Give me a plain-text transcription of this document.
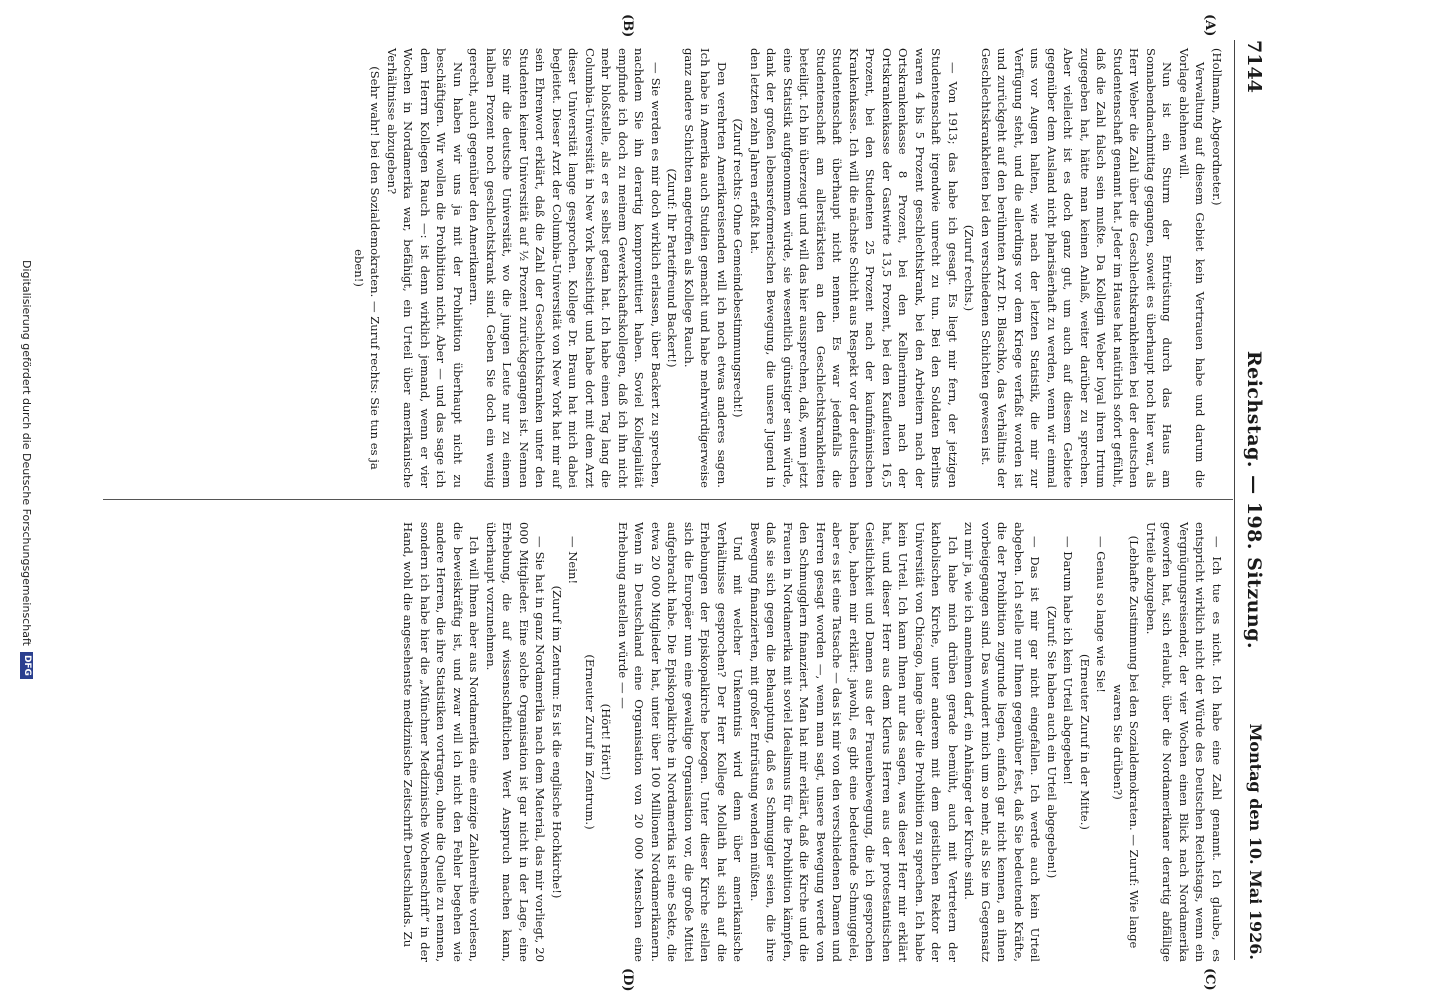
7144
Reichstag. — 198. Sitzung.
Montag den 10. Mai 1926.
(A)
(B)
(C)
(D)

(Hollmann, Abgeordneter.)

Verwaltung auf diesem Gebiet kein Vertrauen habe und darum die Vorlage ablehnen will.

Nun ist ein Sturm der Entrüstung durch das Haus am Sonnabendnachmittag gegangen, soweit es überhaupt noch hier war, als Herr Weber die Zahl über die Geschlechtskrankheiten bei der deutschen Studentenschaft genannt hat. Jeder im Hause hat natürlich sofort gefühlt, daß die Zahl falsch sein mußte. Da Kollegin Weber loyal ihren Irrtum zugegeben hat, hätte man keinen Anlaß, weiter darüber zu sprechen. Aber vielleicht ist es doch ganz gut, um auch auf diesem Gebiete gegenüber dem Ausland nicht pharisäerhaft zu werden, wenn wir einmal uns vor Augen halten, wie nach der letzten Statistik, die mir zur Verfügung steht, und die allerdings vor dem Kriege verfaßt worden ist und zurückgeht auf den berühmten Arzt Dr. Blaschko, das Verhältnis der Geschlechtskrankheiten bei den verschiedenen Schichten gewesen ist.

(Zuruf rechts.)

— Von 1913; das habe ich gesagt. Es liegt mir fern, der jetzigen Studentenschaft irgendwie unrecht zu tun. Bei den Soldaten Berlins waren 4 bis 5 Prozent geschlechtskrank, bei den Arbeitern nach der Ortskrankenkasse 8 Prozent, bei den Kellnerinnen nach der Ortskrankenkasse der Gastwirte 13,5 Prozent, bei den Kaufleuten 16,5 Prozent, bei den Studenten 25 Prozent nach der kaufmännischen Krankenkasse. Ich will die nächste Schicht aus Respekt vor der deutschen Studentenschaft überhaupt nicht nennen. Es war jedenfalls die Studentenschaft am allerstärksten an den Geschlechtskrankheiten beteiligt. Ich bin überzeugt und will das hier aussprechen, daß, wenn jetzt eine Statistik aufgenommen würde, sie wesentlich günstiger sein würde, dank der großen lebensreformerischen Bewegung, die unsere Jugend in den letzten zehn Jahren erfaßt hat.

(Zuruf rechts: Ohne Gemeindebestimmungsrecht!)

Den verehrten Amerikareisenden will ich noch etwas anderes sagen. Ich habe in Amerika auch Studien gemacht und habe mehrwürdigerweise ganz andere Schichten angetroffen als Kollege Rauch.

(Zuruf: Ihr Parteifreund Backert!)

— Sie werden es mir doch wirklich erlassen, über Backert zu sprechen, nachdem Sie ihn derartig kompromittiert haben. Soviel Kollegialität empfinde ich doch zu meinem Gewerkschaftskollegen, daß ich ihn nicht mehr bloßstelle, als er es selbst getan hat. Ich habe einen Tag lang die Columbia-Universität in New York besichtigt und habe dort mit dem Arzt dieser Universität lange gesprochen. Kollege Dr. Braun hat mich dabei begleitet. Dieser Arzt der Columbia-Universität von New York hat mir auf sein Ehrenwort erklärt, daß die Zahl der Geschlechtskranken unter den Studenten keiner Universität auf ½ Prozent zurückgegangen ist. Nennen Sie mir die deutsche Universität, wo die jungen Leute nur zu einem halben Prozent noch geschlechtskrank sind. Geben Sie doch ein wenig gerecht, auch gegenüber den Amerikanern.

Nun haben wir uns ja mit der Prohibition überhaupt nicht zu beschäftigen. Wir wollen die Prohibition nicht. Aber — und das sage ich dem Herrn Kollegen Rauch —: ist denn wirklich jemand, wenn er vier Wochen in Nordamerika war, befähigt, ein Urteil über amerikanische Verhältnisse abzugeben?

(Sehr wahr! bei den Sozialdemokraten. — Zuruf rechts: Sie tun es ja eben!)

— Ich tue es nicht. Ich habe eine Zahl genannt. Ich glaube, es entspricht wirklich nicht der Würde des Deutschen Reichstags, wenn ein Vergnügungsreisender, der vier Wochen einen Blick nach Nordamerika geworfen hat, sich erlaubt, über die Nordamerikaner derartig abfällige Urteile abzugeben.

(Lebhafte Zustimmung bei den Sozialdemokraten. — Zuruf: Wie lange waren Sie drüben?)

— Genau so lange wie Sie!

(Erneuter Zuruf in der Mitte.)

— Darum habe ich kein Urteil abgegeben!

(Zuruf: Sie haben auch ein Urteil abgegeben!)

— Das ist mir gar nicht eingefallen. Ich werde auch kein Urteil abgeben. Ich stelle nur Ihnen gegenüber fest, daß Sie bedeutende Kräfte, die der Prohibition zugrunde liegen, einfach gar nicht kennen, an ihnen vorbeigegangen sind. Das wundert mich um so mehr, als Sie im Gegensatz zu mir ja, wie ich annehmen darf, ein Anhänger der Kirche sind.

Ich habe mich drüben gerade bemüht, auch mit Vertretern der katholischen Kirche, unter anderem mit dem geistlichen Rektor der Universität von Chicago, lange über die Prohibition zu sprechen. Ich habe kein Urteil. Ich kann Ihnen nur das sagen, was dieser Herr mir erklärt hat, und dieser Herr aus dem Klerus Herren aus der protestantischen Geistlichkeit und Damen aus der Frauenbewegung, die ich gesprochen habe, haben mir erklärt: jawohl, es gibt eine bedeutende Schmuggelei, aber es ist eine Tatsache — das ist mir von den verschiedenen Damen und Herren gesagt worden —, wenn man sagt, unsere Bewegung werde von den Schmugglern finanziert. Man hat mir erklärt, daß die Kirche und die Frauen in Nordamerika mit soviel Idealismus für die Prohibition kämpfen, daß sie sich gegen die Behauptung, daß es Schmuggler seien, die ihre Bewegung finanzierten, mit großer Entrüstung wenden müßten.

Und mit welcher Unkenntnis wird denn über amerikanische Verhältnisse gesprochen? Der Herr Kollege Mollath hat sich auf die Erhebungen der Episkopalkirche bezogen. Unter dieser Kirche stellen sich die Europäer nun eine gewaltige Organisation vor, die große Mittel aufgebracht habe. Die Episkopalkirche in Nordamerika ist eine Sekte, die etwa 20 000 Mitglieder hat, unter über 100 Millionen Nordamerikanern. Wenn in Deutschland eine Organisation von 20 000 Menschen eine Erhebung anstellen würde — —

(Hört! Hört!)

(Erneuter Zuruf im Zentrum.)

— Nein!

(Zuruf im Zentrum: Es ist die englische Hochkirche!)

— Sie hat in ganz Nordamerika nach dem Material, das mir vorliegt, 20 000 Mitglieder. Eine solche Organisation ist gar nicht in der Lage, eine Erhebung, die auf wissenschaftlichen Wert Anspruch machen kann, überhaupt vorzunehmen.

Ich will Ihnen aber aus Nordamerika eine einzige Zahlenreihe vorlesen, die beweiskräftig ist, und zwar will ich nicht den Fehler begehen wie andere Herren, die ihre Statistiken vortragen, ohne die Quelle zu nennen, sondern ich habe hier die „Münchner Medizinische Wochenschrift“ in der Hand, wohl die angesehenste medizinische Zeitschrift Deutschlands. Zu

Digitalisierung gefördert durch die Deutsche Forschungsgemeinschaft
DFG
